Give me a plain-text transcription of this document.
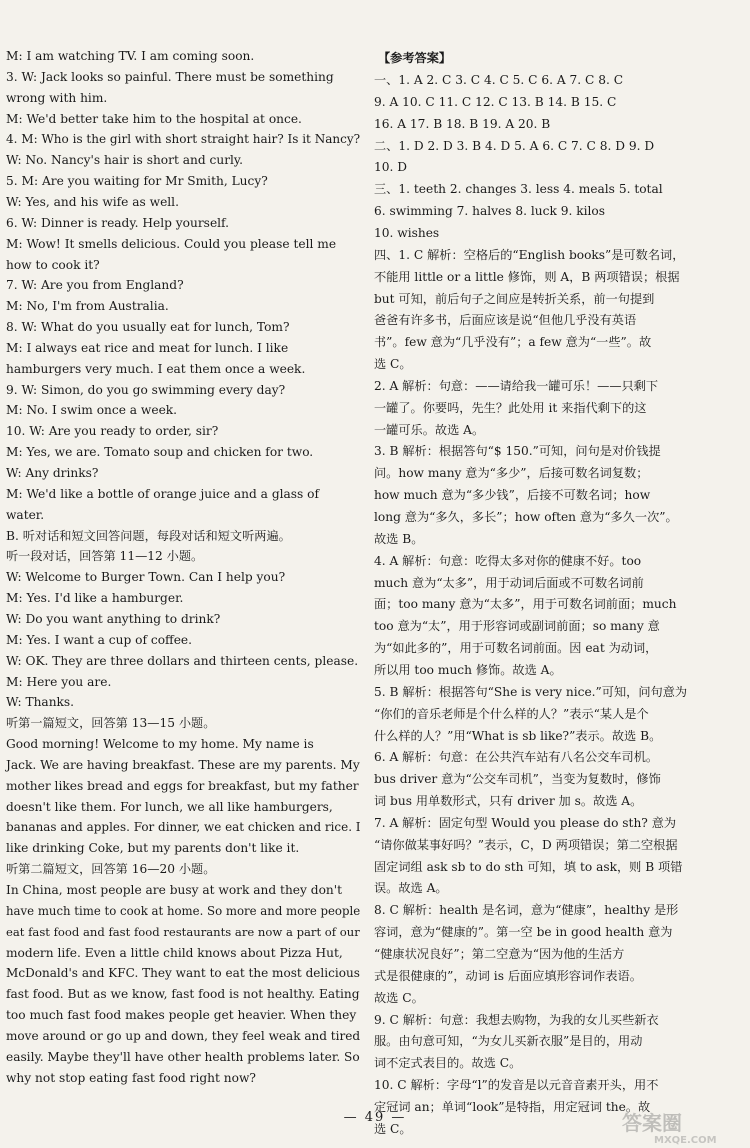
M: I am watching TV. I am coming soon.
3. W: Jack looks so painful. There must be something
wrong with him.
M: We'd better take him to the hospital at once.
4. M: Who is the girl with short straight hair? Is it Nancy?
W: No. Nancy's hair is short and curly.
5. M: Are you waiting for Mr Smith, Lucy?
W: Yes, and his wife as well.
6. W: Dinner is ready. Help yourself.
M: Wow! It smells delicious. Could you please tell me
how to cook it?
7. W: Are you from England?
M: No, I'm from Australia.
8. W: What do you usually eat for lunch, Tom?
M: I always eat rice and meat for lunch. I like
hamburgers very much. I eat them once a week.
9. W: Simon, do you go swimming every day?
M: No. I swim once a week.
10. W: Are you ready to order, sir?
M: Yes, we are. Tomato soup and chicken for two.
W: Any drinks?
M: We'd like a bottle of orange juice and a glass of
water.
B. 听对话和短文回答问题，每段对话和短文听两遍。
听一段对话，回答第 11—12 小题。
W: Welcome to Burger Town. Can I help you?
M: Yes. I'd like a hamburger.
W: Do you want anything to drink?
M: Yes. I want a cup of coffee.
W: OK. They are three dollars and thirteen cents, please.
M: Here you are.
W: Thanks.
听第一篇短文，回答第 13—15 小题。
Good morning! Welcome to my home. My name is
Jack. We are having breakfast. These are my parents. My
mother likes bread and eggs for breakfast, but my father
doesn't like them. For lunch, we all like hamburgers,
bananas and apples. For dinner, we eat chicken and rice. I
like drinking Coke, but my parents don't like it.
听第二篇短文，回答第 16—20 小题。
In China, most people are busy at work and they don't
have much time to cook at home. So more and more people
eat fast food and fast food restaurants are now a part of our
modern life. Even a little child knows about Pizza Hut,
McDonald's and KFC. They want to eat the most delicious
fast food. But as we know, fast food is not healthy. Eating
too much fast food makes people get heavier. When they
move around or go up and down, they feel weak and tired
easily. Maybe they'll have other health problems later. So
why not stop eating fast food right now?
【参考答案】
一、1. A 2. C 3. C 4. C 5. C 6. A 7. C 8. C
9. A 10. C 11. C 12. C 13. B 14. B 15. C
16. A 17. B 18. B 19. A 20. B
二、1. D 2. D 3. B 4. D 5. A 6. C 7. C 8. D 9. D
10. D
三、1. teeth 2. changes 3. less 4. meals 5. total
6. swimming 7. halves 8. luck 9. kilos
10. wishes
四、1. C 解析：空格后的“English books”是可数名词，
不能用 little or a little 修饰，则 A，B 两项错误；根据
but 可知，前后句子之间应是转折关系，前一句提到
爸爸有许多书，后面应该是说“但他几乎没有英语
书”。few 意为“几乎没有”；a few 意为“一些”。故
选 C。
2. A 解析：句意：——请给我一罐可乐！——只剩下
一罐了。你要吗，先生？此处用 it 来指代剩下的这
一罐可乐。故选 A。
3. B 解析：根据答句“$ 150.”可知，问句是对价钱提
问。how many 意为“多少”，后接可数名词复数；
how much 意为“多少钱”，后接不可数名词；how
long 意为“多久，多长”；how often 意为“多久一次”。
故选 B。
4. A 解析：句意：吃得太多对你的健康不好。too
much 意为“太多”，用于动词后面或不可数名词前
面；too many 意为“太多”，用于可数名词前面；much
too 意为“太”，用于形容词或副词前面；so many 意
为“如此多的”，用于可数名词前面。因 eat 为动词，
所以用 too much 修饰。故选 A。
5. B 解析：根据答句“She is very nice.”可知，问句意为
“你们的音乐老师是个什么样的人？”表示“某人是个
什么样的人？”用“What is sb like?”表示。故选 B。
6. A 解析：句意：在公共汽车站有八名公交车司机。
bus driver 意为“公交车司机”，当变为复数时，修饰
词 bus 用单数形式，只有 driver 加 s。故选 A。
7. A 解析：固定句型 Would you please do sth? 意为
“请你做某事好吗？”表示，C，D 两项错误；第二空根据
固定词组 ask sb to do sth 可知，填 to ask，则 B 项错
误。故选 A。
8. C 解析：health 是名词，意为“健康”，healthy 是形
容词，意为“健康的”。第一空 be in good health 意为
“健康状况良好”；第二空意为“因为他的生活方
式是很健康的”，动词 is 后面应填形容词作表语。
故选 C。
9. C 解析：句意：我想去购物，为我的女儿买些新衣
服。由句意可知，“为女儿买新衣服”是目的，用动
词不定式表目的。故选 C。
10. C 解析：字母“l”的发音是以元音音素开头，用不
定冠词 an；单词“look”是特指，用定冠词 the。故
选 C。
— 49 —	答案圈
MXQE.COM
